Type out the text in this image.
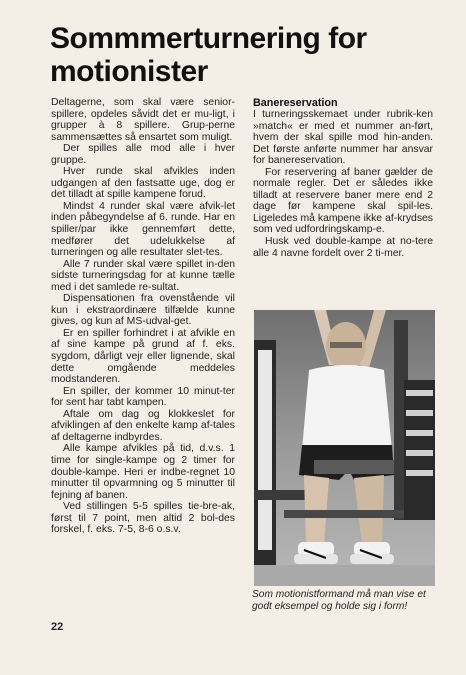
Sommmerturnering for
motionister

Deltagerne, som skal være senior-spillere, opdeles såvidt det er mu-ligt, i grupper à 8 spillere. Grup-perne sammensættes så ensartet som muligt.

Der spilles alle mod alle i hver gruppe.

Hver runde skal afvikles inden udgangen af den fastsatte uge, dog er det tilladt at spille kampene forud.

Mindst 4 runder skal være afvik-let inden påbegyndelse af 6. runde. Har en spiller/par ikke gennemført dette, medfører det udelukkelse af turneringen og alle resultater slet-tes.

Alle 7 runder skal være spillet in-den sidste turneringsdag for at kunne tælle med i det samlede re-sultat.

Dispensationen fra ovenstående vil kun i ekstraordinære tilfælde kunne gives, og kun af MS-udval-get.

Er en spiller forhindret i at afvikle en af sine kampe på grund af f. eks. sygdom, dårligt vejr eller lignende, skal dette omgående meddeles modstanderen.

En spiller, der kommer 10 minut-ter for sent har tabt kampen.

Aftale om dag og klokkeslet for afviklingen af den enkelte kamp af-tales af deltagerne indbyrdes.

Alle kampe afvikles på tid, d.v.s. 1 time for single-kampe og 2 timer for double-kampe. Heri er indbe-regnet 10 minutter til opvarmning og 5 minutter til fejning af banen.

Ved stillingen 5-5 spilles tie-bre-ak, først til 7 point, men altid 2 bol-des forskel, f. eks. 7-5, 8-6 o.s.v.

Banereservation

I turneringsskemaet under rubrik-ken »match« er med et nummer an-ført, hvem der skal spille mod hin-anden. Det første anførte nummer har ansvar for banereservation.

For reservering af baner gælder de normale regler. Det er således ikke tilladt at reservere baner mere end 2 dage før kampene skal spil-les. Ligeledes må kampene ikke af-krydses som ved udfordringskamp-e.

Husk ved double-kampe at no-tere alle 4 navne fordelt over 2 ti-mer.

Som motionistformand må man vise et godt eksempel og holde sig i form!
22
